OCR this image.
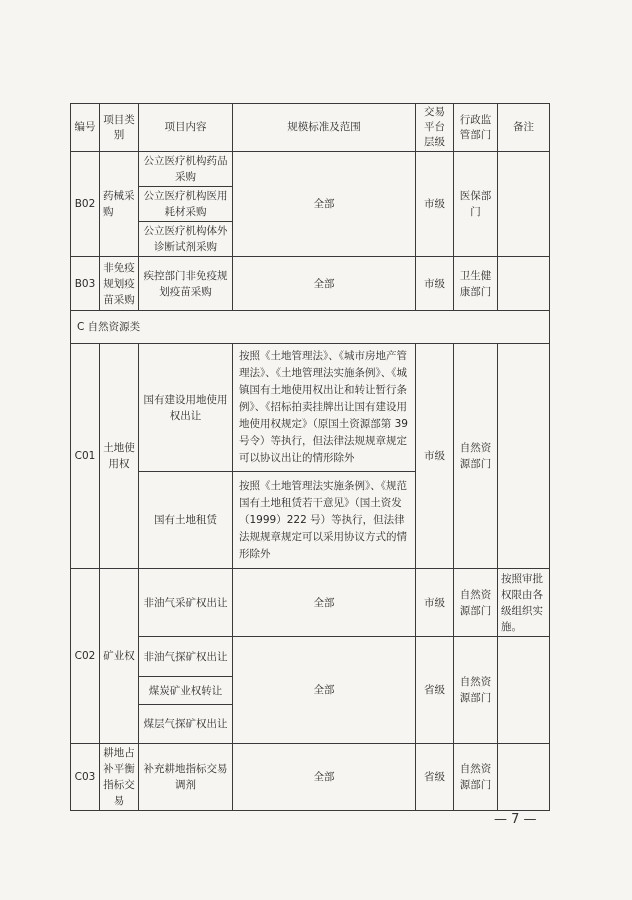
编号	项目类别	项目内容	规模标准及范围	交易平台层级	行政监管部门	备注
B02	药械采购	公立医疗机构药品采购	全部	市级	医保部门	
		公立医疗机构医用耗材采购				
		公立医疗机构体外诊断试剂采购				
B03	非免疫规划疫苗采购	疾控部门非免疫规划疫苗采购	全部	市级	卫生健康部门	
C 自然资源类						
C01	土地使用权	国有建设用地使用权出让	按照《土地管理法》、《城市房地产管理法》、《土地管理法实施条例》、《城镇国有土地使用权出让和转让暂行条例》、《招标拍卖挂牌出让国有建设用地使用权规定》（原国土资源部第 39 号令）等执行，但法律法规规章规定可以协议出让的情形除外	市级	自然资源部门	
		国有土地租赁	按照《土地管理法实施条例》、《规范国有土地租赁若干意见》（国土资发（1999）222 号）等执行，但法律法规规章规定可以采用协议方式的情形除外			
C02	矿业权	非油气采矿权出让	全部	市级	自然资源部门	按照审批权限由各级组织实施。
		非油气探矿权出让	全部	省级	自然资源部门	
		煤炭矿业权转让				
		煤层气探矿权出让				
C03	耕地占补平衡指标交易	补充耕地指标交易调剂	全部	省级	自然资源部门	
— 7 —
